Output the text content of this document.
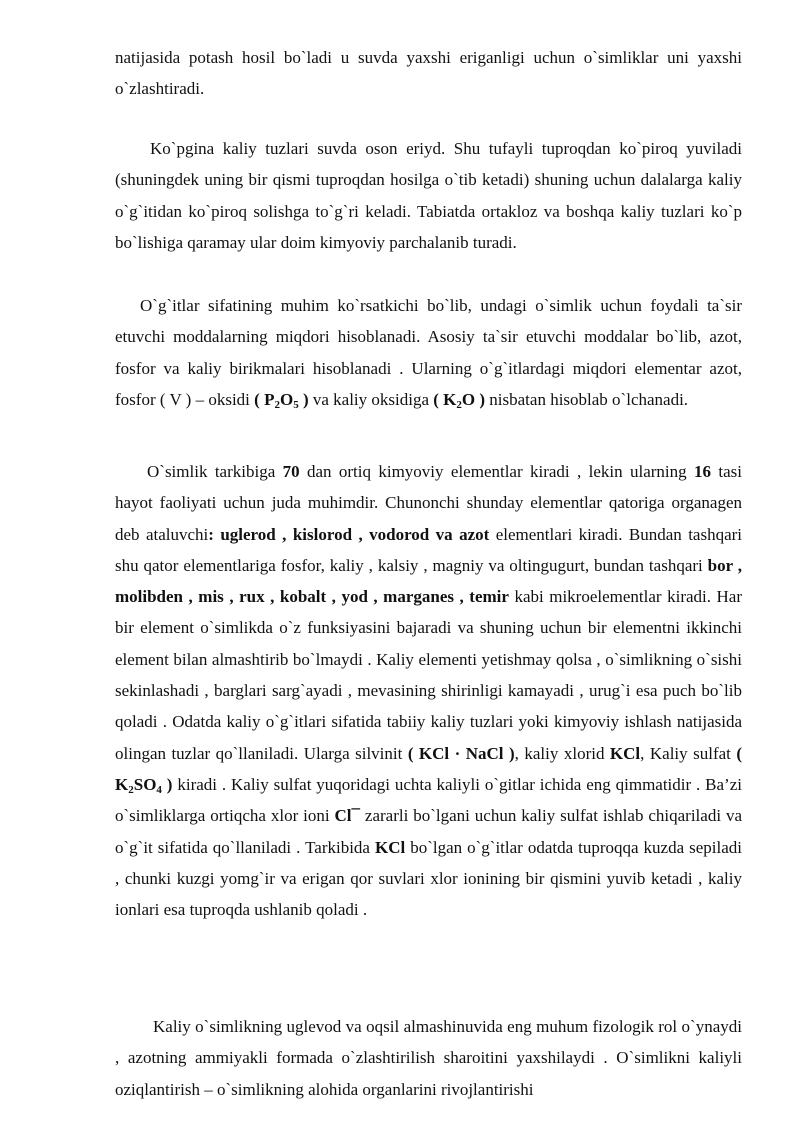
natijasida potash hosil bo`ladi u suvda yaxshi eriganligi uchun o`simliklar uni yaxshi o`zlashtiradi.

Ko`pgina kaliy tuzlari suvda oson eriyd. Shu tufayli tuproqdan ko`piroq yuviladi (shuningdek uning bir qismi tuproqdan hosilga o`tib ketadi) shuning uchun dalalarga kaliy o`g`itidan ko`piroq solishga to`g`ri keladi. Tabiatda ortakloz va boshqa kaliy tuzlari ko`p bo`lishiga qaramay ular doim kimyoviy parchalanib turadi.

O`g`itlar sifatining muhim ko`rsatkichi bo`lib, undagi o`simlik uchun foydali ta`sir etuvchi moddalarning miqdori hisoblanadi. Asosiy ta`sir etuvchi moddalar bo`lib, azot, fosfor va kaliy birikmalari hisoblanadi . Ularning o`g`itlardagi miqdori elementar azot, fosfor ( V ) – oksidi ( $P_2O_5$ ) va kaliy oksidiga ( $K_2O$ ) nisbatan hisoblab o`lchanadi.

O`simlik tarkibiga 70 dan ortiq kimyoviy elementlar kiradi , lekin ularning 16 tasi hayot faoliyati uchun juda muhimdir. Chunonchi shunday elementlar qatoriga organagen deb ataluvchi: uglerod , kislorod , vodorod va azot elementlari kiradi. Bundan tashqari shu qator elementlariga fosfor, kaliy , kalsiy , magniy va oltingugurt, bundan tashqari bor , molibden , mis , rux , kobalt , yod , marganes , temir kabi mikroelementlar kiradi. Har bir element o`simlikda o`z funksiyasini bajaradi va shuning uchun bir elementni ikkinchi element bilan almashtirib bo`lmaydi . Kaliy elementi yetishmay qolsa , o`simlikning o`sishi sekinlashadi , barglari sarg`ayadi , mevasining shirinligi kamayadi , urug`i esa puch bo`lib qoladi . Odatda kaliy o`g`itlari sifatida tabiiy kaliy tuzlari yoki kimyoviy ishlash natijasida olingan tuzlar qo`llaniladi. Ularga silvinit ( KCl · NaCl ), kaliy xlorid KCl, Kaliy sulfat ( $K_2SO_4$ ) kiradi . Kaliy sulfat yuqoridagi uchta kaliyli o`gitlar ichida eng qimmatidir . Ba’zi o`simliklarga ortiqcha xlor ioni Cl¯ zararli bo`lgani uchun kaliy sulfat ishlab chiqariladi va o`g`it sifatida qo`llaniladi . Tarkibida KCl bo`lgan o`g`itlar odatda tuproqqa kuzda sepiladi , chunki kuzgi yomg`ir va erigan qor suvlari xlor ionining bir qismini yuvib ketadi , kaliy ionlari esa tuproqda ushlanib qoladi .

Kaliy o`simlikning uglevod va oqsil almashinuvida eng muhum fizologik rol o`ynaydi , azotning ammiyakli formada o`zlashtirilish sharoitini yaxshilaydi . O`simlikni kaliyli oziqlantirish – o`simlikning alohida organlarini rivojlantirishi
